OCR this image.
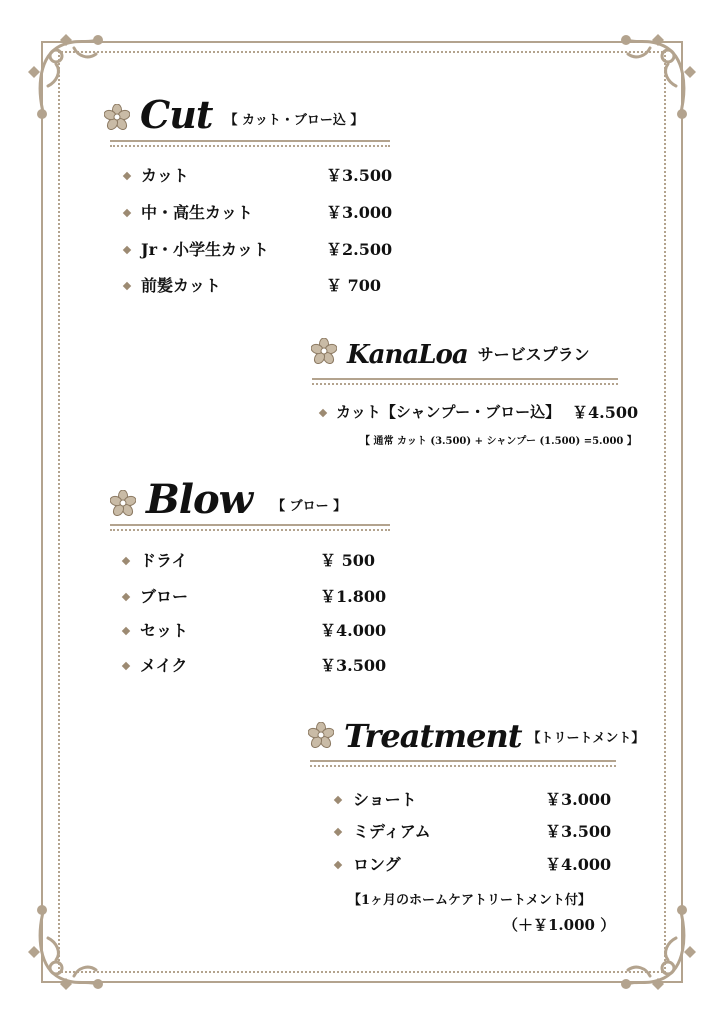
Cut 【 カット・ブロー込 】
カット	￥3.500
中・高生カット	￥3.000
Jr・小学生カット	￥2.500
前髪カット	￥ 700
KanaLoa サービスプラン
カット【シャンプー・ブロー込】 ￥4.500
【 通常 カット (3.500) + シャンプー (1.500) =5.000 】
Blow 【 ブロー 】
ドライ	￥ 500
ブロー	￥1.800
セット	￥4.000
メイク	￥3.500
Treatment 【トリートメント】
ショート	￥3.000
ミディアム	￥3.500
ロング	￥4.000
【1ヶ月のホームケアトリートメント付】
（＋￥1.000 ）
